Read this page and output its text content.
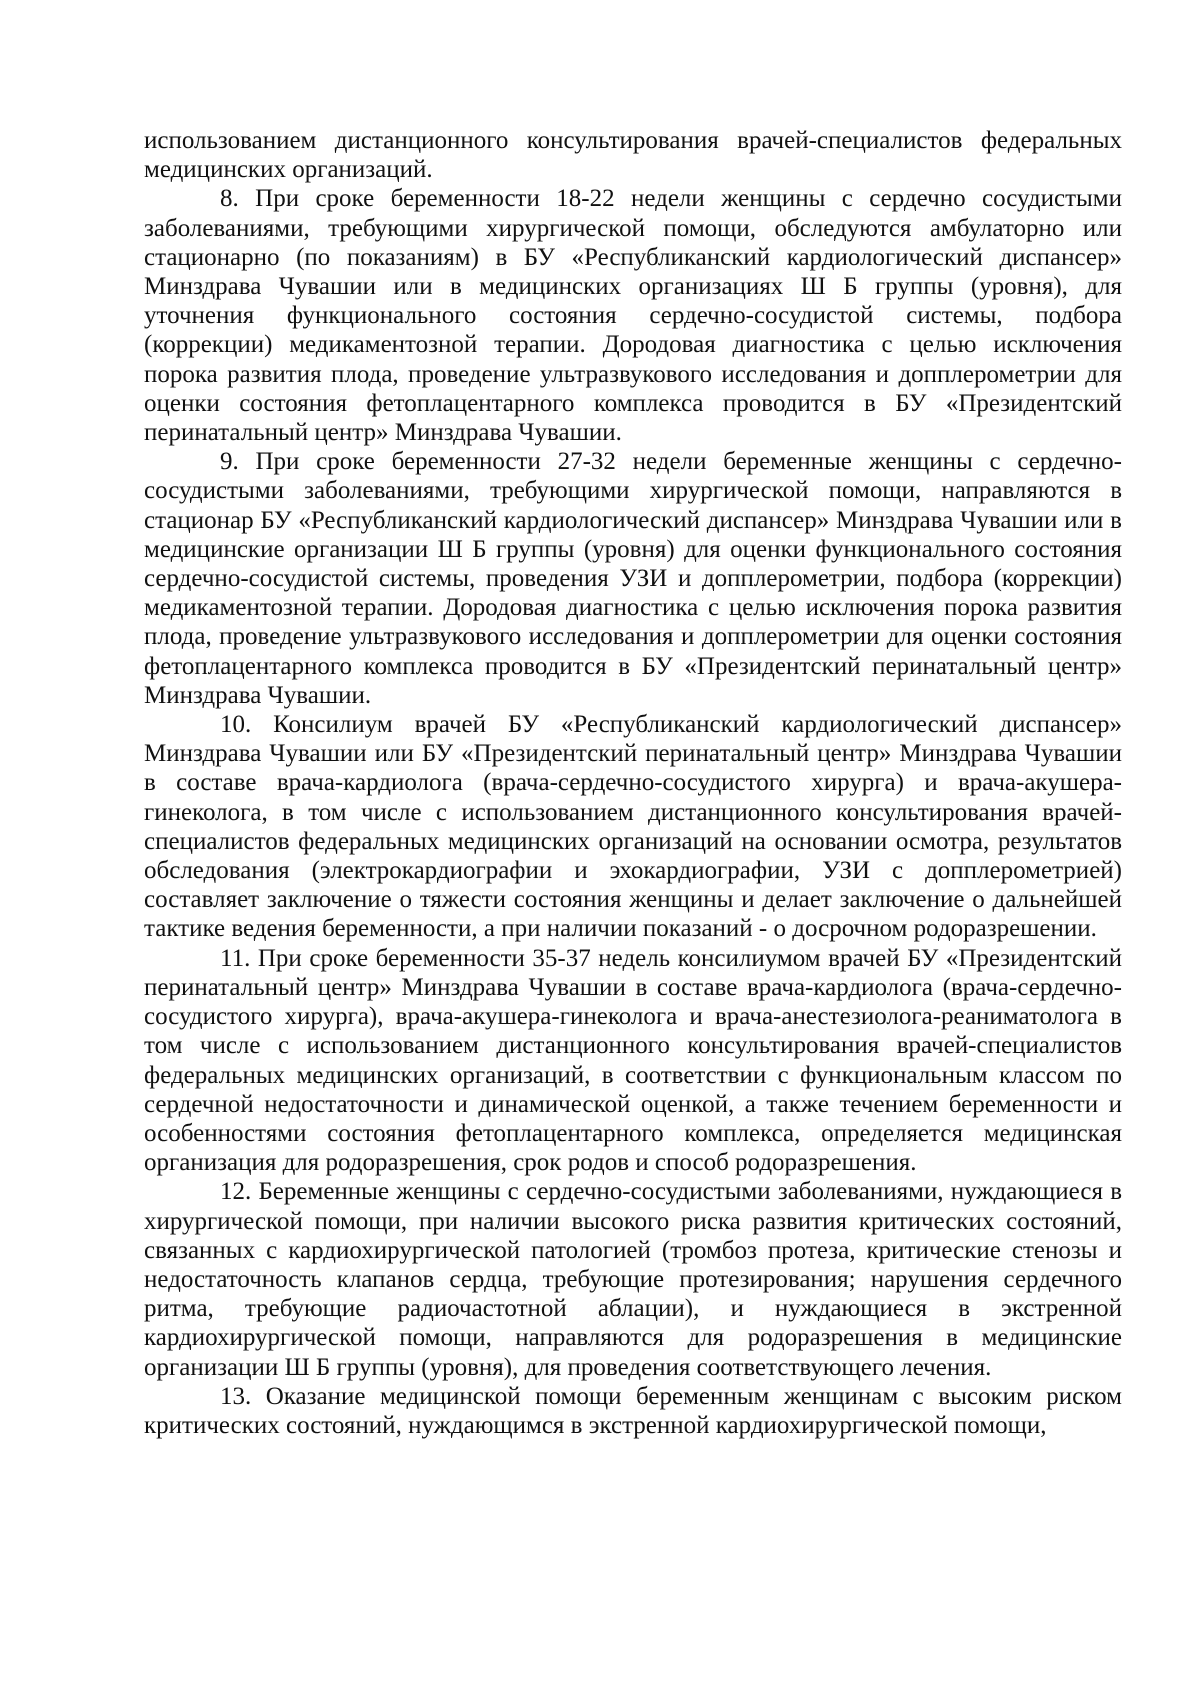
использованием дистанционного консультирования врачей-специалистов федеральных медицинских организаций.

8. При сроке беременности 18-22 недели женщины с сердечно сосудистыми заболеваниями, требующими хирургической помощи, обследуются амбулаторно или стационарно (по показаниям) в БУ «Республиканский кардиологический диспансер» Минздрава Чувашии или в медицинских организациях Ш Б группы (уровня), для уточнения функционального состояния сердечно-сосудистой системы, подбора (коррекции) медикаментозной терапии. Дородовая диагностика с целью исключения порока развития плода, проведение ультразвукового исследования и допплерометрии для оценки состояния фетоплацентарного комплекса проводится в БУ «Президентский перинатальный центр» Минздрава Чувашии.

9. При сроке беременности 27-32 недели беременные женщины с сердечно-сосудистыми заболеваниями, требующими хирургической помощи, направляются в стационар БУ «Республиканский кардиологический диспансер» Минздрава Чувашии или в медицинские организации Ш Б группы (уровня) для оценки функционального состояния сердечно-сосудистой системы, проведения УЗИ и допплерометрии, подбора (коррекции) медикаментозной терапии. Дородовая диагностика с целью исключения порока развития плода, проведение ультразвукового исследования и допплерометрии для оценки состояния фетоплацентарного комплекса проводится в БУ «Президентский перинатальный центр» Минздрава Чувашии.

10. Консилиум врачей БУ «Республиканский кардиологический диспансер» Минздрава Чувашии или БУ «Президентский перинатальный центр» Минздрава Чувашии в составе врача-кардиолога (врача-сердечно-сосудистого хирурга) и врача-акушера-гинеколога, в том числе с использованием дистанционного консультирования врачей-специалистов федеральных медицинских организаций на основании осмотра, результатов обследования (электрокардиографии и эхокардиографии, УЗИ с допплерометрией) составляет заключение о тяжести состояния женщины и делает заключение о дальнейшей тактике ведения беременности, а при наличии показаний - о досрочном родоразрешении.

11. При сроке беременности 35-37 недель консилиумом врачей БУ «Президентский перинатальный центр» Минздрава Чувашии в составе врача-кардиолога (врача-сердечно-сосудистого хирурга), врача-акушера-гинеколога и врача-анестезиолога-реаниматолога в том числе с использованием дистанционного консультирования врачей-специалистов федеральных медицинских организаций, в соответствии с функциональным классом по сердечной недостаточности и динамической оценкой, а также течением беременности и особенностями состояния фетоплацентарного комплекса, определяется медицинская организация для родоразрешения, срок родов и способ родоразрешения.

12. Беременные женщины с сердечно-сосудистыми заболеваниями, нуждающиеся в хирургической помощи, при наличии высокого риска развития критических состояний, связанных с кардиохирургической патологией (тромбоз протеза, критические стенозы и недостаточность клапанов сердца, требующие протезирования; нарушения сердечного ритма, требующие радиочастотной аблации), и нуждающиеся в экстренной кардиохирургической помощи, направляются для родоразрешения в медицинские организации Ш Б группы (уровня), для проведения соответствующего лечения.

13. Оказание медицинской помощи беременным женщинам с высоким риском критических состояний, нуждающимся в экстренной кардиохирургической помощи,
